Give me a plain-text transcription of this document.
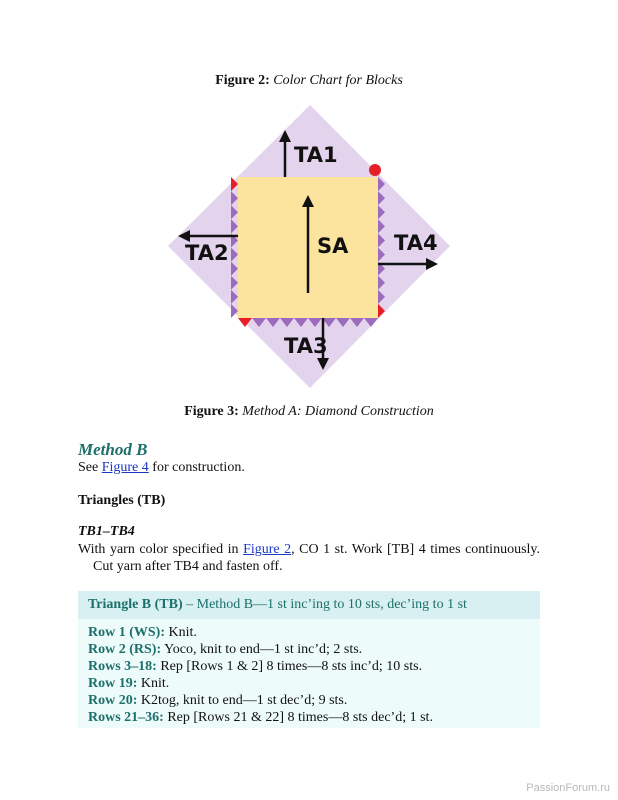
Figure 2: Color Chart for Blocks
TA1
SA
TA2	TA4
TA3
Figure 3: Method A: Diamond Construction
Method B
See Figure 4 for construction.
Triangles (TB)
TB1–TB4
With yarn color specified in Figure 2, CO 1 st. Work [TB] 4 times continuously. Cut yarn after TB4 and fasten off.
Triangle B (TB) – Method B—1 st inc’ing to 10 sts, dec’ing to 1 st
Row 1 (WS): Knit.
Row 2 (RS): Yoco, knit to end—1 st inc’d; 2 sts.
Rows 3–18: Rep [Rows 1 & 2] 8 times—8 sts inc’d; 10 sts.
Row 19: Knit.
Row 20: K2tog, knit to end—1 st dec’d; 9 sts.
Rows 21–36: Rep [Rows 21 & 22] 8 times—8 sts dec’d; 1 st.
PassionForum.ru
